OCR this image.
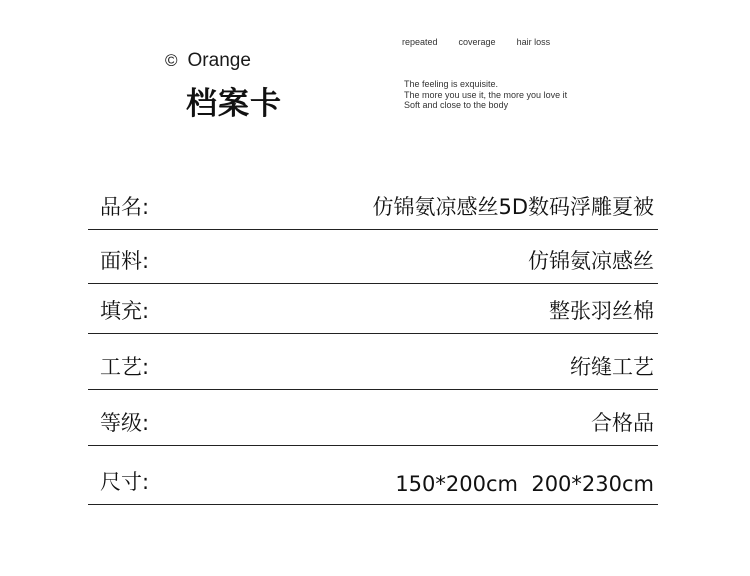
© Orange
档案卡
repeated coverage hair loss
The feeling is exquisite.
The more you use it, the more you love it
Soft and close to the body
品名:	仿锦氨凉感丝5D数码浮雕夏被
面料:	仿锦氨凉感丝
填充:	整张羽丝棉
工艺:	绗缝工艺
等级:	合格品
尺寸:	150*200cm  200*230cm
